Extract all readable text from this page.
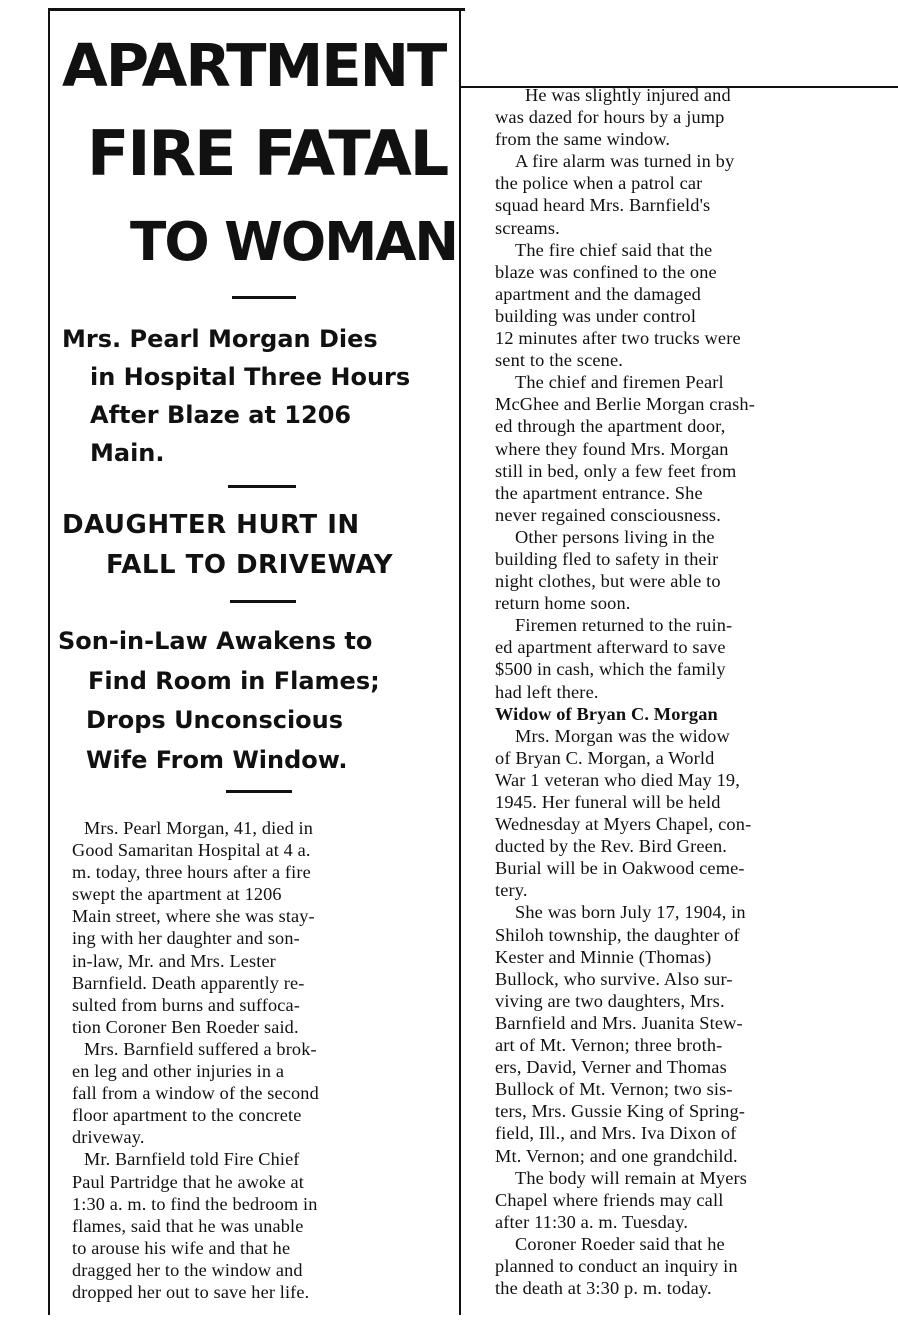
APARTMENT
FIRE FATAL
TO WOMAN
Mrs. Pearl Morgan Dies
in Hospital Three Hours
After Blaze at 1206
Main.
DAUGHTER HURT IN
FALL TO DRIVEWAY
Son-in-Law Awakens to
Find Room in Flames;
Drops Unconscious
Wife From Window.

Mrs. Pearl Morgan, 41, died in

Good Samaritan Hospital at 4 a.

m. today, three hours after a fire

swept the apartment at 1206

Main street, where she was stay-

ing with her daughter and son-

in-law, Mr. and Mrs. Lester

Barnfield. Death apparently re-

sulted from burns and suffoca-

tion Coroner Ben Roeder said.

Mrs. Barnfield suffered a brok-

en leg and other injuries in a

fall from a window of the second

floor apartment to the concrete

driveway.

Mr. Barnfield told Fire Chief

Paul Partridge that he awoke at

1:30 a. m. to find the bedroom in

flames, said that he was unable

to arouse his wife and that he

dragged her to the window and

dropped her out to save her life.

He was slightly injured and

was dazed for hours by a jump

from the same window.

A fire alarm was turned in by

the police when a patrol car

squad heard Mrs. Barnfield's

screams.

The fire chief said that the

blaze was confined to the one

apartment and the damaged

building was under control

12 minutes after two trucks were

sent to the scene.

The chief and firemen Pearl

McGhee and Berlie Morgan crash-

ed through the apartment door,

where they found Mrs. Morgan

still in bed, only a few feet from

the apartment entrance. She

never regained consciousness.

Other persons living in the

building fled to safety in their

night clothes, but were able to

return home soon.

Firemen returned to the ruin-

ed apartment afterward to save

$500 in cash, which the family

had left there.

Widow of Bryan C. Morgan

Mrs. Morgan was the widow

of Bryan C. Morgan, a World

War 1 veteran who died May 19,

1945. Her funeral will be held

Wednesday at Myers Chapel, con-

ducted by the Rev. Bird Green.

Burial will be in Oakwood ceme-

tery.

She was born July 17, 1904, in

Shiloh township, the daughter of

Kester and Minnie (Thomas)

Bullock, who survive. Also sur-

viving are two daughters, Mrs.

Barnfield and Mrs. Juanita Stew-

art of Mt. Vernon; three broth-

ers, David, Verner and Thomas

Bullock of Mt. Vernon; two sis-

ters, Mrs. Gussie King of Spring-

field, Ill., and Mrs. Iva Dixon of

Mt. Vernon; and one grandchild.

The body will remain at Myers

Chapel where friends may call

after 11:30 a. m. Tuesday.

Coroner Roeder said that he

planned to conduct an inquiry in

the death at 3:30 p. m. today.
